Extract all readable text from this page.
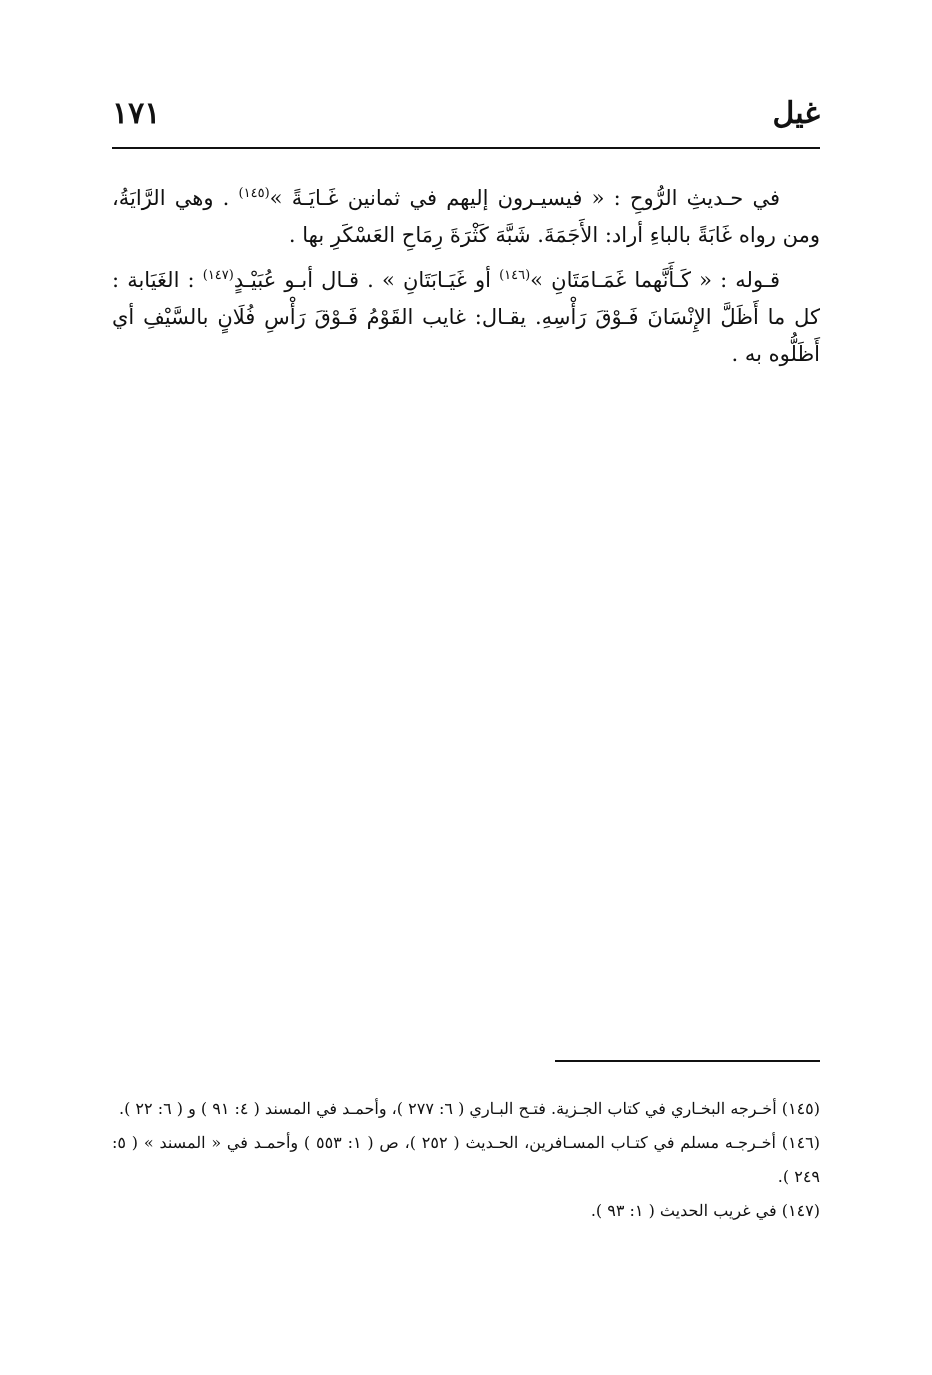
غيل
١٧١

في حـديثِ الرُّوحِ : « فيسيـرون إليهم في ثمانين غَـايَـةً »$^{(١٤٥)}$ . وهي الرَّايَةُ، ومن رواه غَابَةً بالباءِ أراد: الأَجَمَةَ. شَبَّهَ كَثْرَةَ رِمَاحِ العَسْكَرِ بها .

قـوله : « كَـأَنَّهما غَمَـامَتَانِ »$^{(١٤٦)}$ أو غَيَـابَتَانِ » . قـال أبـو عُبَيْـدٍ$^{(١٤٧)}$ : الغَيَابة : كل ما أَظَلَّ الإِنْسَانَ فَـوْقَ رَأْسِهِ. يقـال: غايب القَوْمُ فَـوْقَ رَأْسِ فُلَانٍ بالسَّيْفِ أي أَظَلُّوه به .

(١٤٥) أخـرجه البخـاري في كتاب الجـزية. فتـح البـاري ( ٦: ٢٧٧ )، وأحمـد في المسند ( ٤: ٩١ ) و ( ٦: ٢٢ ).

(١٤٦) أخـرجـه مسلم في كتـاب المسـافرين، الحـديث ( ٢٥٢ )، ص ( ١: ٥٥٣ ) وأحمـد في « المسند » ( ٥: ٢٤٩ ).

(١٤٧) في غريب الحديث ( ١: ٩٣ ).
